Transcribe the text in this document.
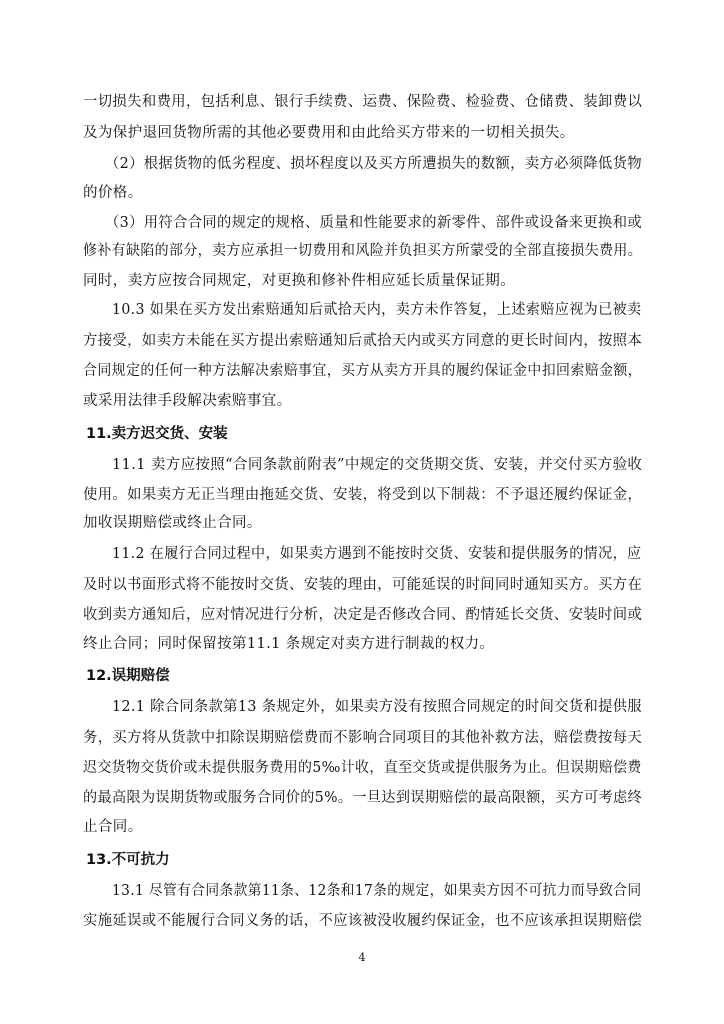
一切损失和费用，包括利息、银行手续费、运费、保险费、检验费、仓储费、装卸费以

及为保护退回货物所需的其他必要费用和由此给买方带来的一切相关损失。

（2）根据货物的低劣程度、损坏程度以及买方所遭损失的数额，卖方必须降低货物

的价格。

（3）用符合合同的规定的规格、质量和性能要求的新零件、部件或设备来更换和或

修补有缺陷的部分，卖方应承担一切费用和风险并负担买方所蒙受的全部直接损失费用。

同时，卖方应按合同规定，对更换和修补件相应延长质量保证期。

10.3 如果在买方发出索赔通知后贰拾天内，卖方未作答复，上述索赔应视为已被卖

方接受，如卖方未能在买方提出索赔通知后贰拾天内或买方同意的更长时间内，按照本

合同规定的任何一种方法解决索赔事宜，买方从卖方开具的履约保证金中扣回索赔金额，

或采用法律手段解决索赔事宜。

11.卖方迟交货、安装

11.1 卖方应按照“合同条款前附表”中规定的交货期交货、安装，并交付买方验收

使用。如果卖方无正当理由拖延交货、安装，将受到以下制裁：不予退还履约保证金，

加收误期赔偿或终止合同。

11.2 在履行合同过程中，如果卖方遇到不能按时交货、安装和提供服务的情况，应

及时以书面形式将不能按时交货、安装的理由，可能延误的时间同时通知买方。买方在

收到卖方通知后，应对情况进行分析，决定是否修改合同、酌情延长交货、安装时间或

终止合同；同时保留按第11.1 条规定对卖方进行制裁的权力。

12.误期赔偿

12.1 除合同条款第13 条规定外，如果卖方没有按照合同规定的时间交货和提供服

务，买方将从货款中扣除误期赔偿费而不影响合同项目的其他补救方法，赔偿费按每天

迟交货物交货价或未提供服务费用的5‰计收，直至交货或提供服务为止。但误期赔偿费

的最高限为误期货物或服务合同价的5%。一旦达到误期赔偿的最高限额，买方可考虑终

止合同。

13.不可抗力

13.1 尽管有合同条款第11条、12条和17条的规定，如果卖方因不可抗力而导致合同

实施延误或不能履行合同义务的话，不应该被没收履约保证金，也不应该承担误期赔偿

4
